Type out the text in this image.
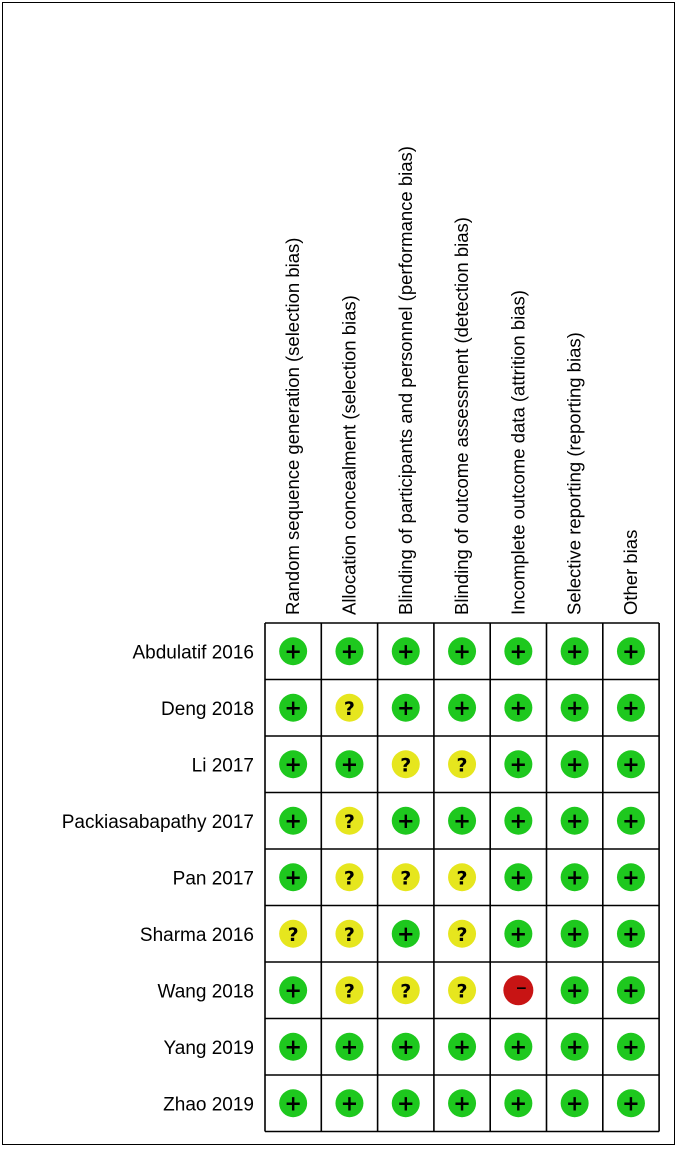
Random sequence generation (selection bias) Allocation concealment (selection bias) Blinding of participants and personnel (performance bias) Blinding of outcome assessment (detection bias) Incomplete outcome data (attrition bias) Selective reporting (reporting bias) Other bias
Abdulatif 2016 + + + + + + +
Deng 2018 + ? + + + + +
Li 2017 + + ? ? + + +
Packiasabapathy 2017 + ? + + + + +
Pan 2017 + ? ? ? + + +
Sharma 2016 ? ? + ? + + +
Wang 2018 + ? ? ?	− + +
Yang 2019 + + + + + + +
Zhao 2019 + + + + + + +
